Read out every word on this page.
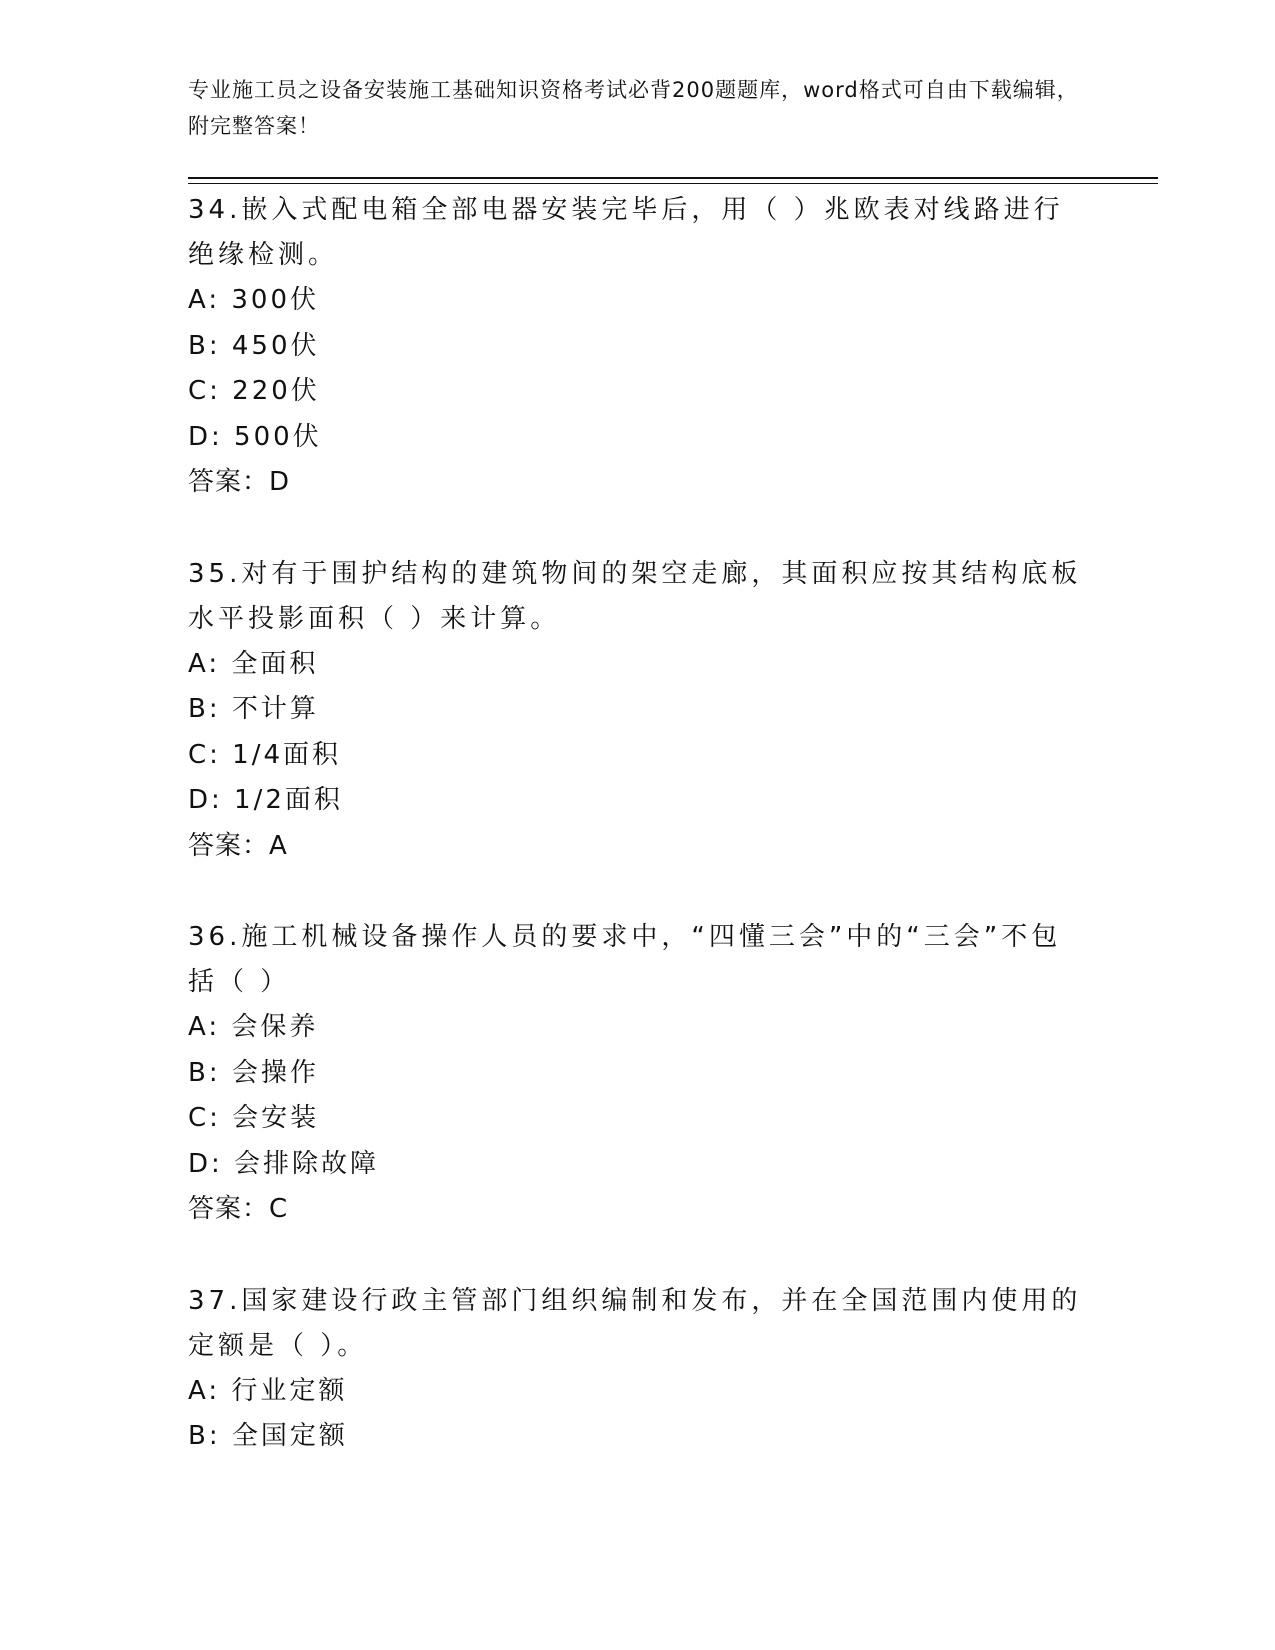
专业施工员之设备安装施工基础知识资格考试必背200题题库，word格式可自由下载编辑，附完整答案！

34.嵌入式配电箱全部电器安装完毕后，用（ ）兆欧表对线路进行绝缘检测。

A: 300伏

B: 450伏

C: 220伏

D: 500伏

答案：D

35.对有于围护结构的建筑物间的架空走廊，其面积应按其结构底板水平投影面积（ ）来计算。

A: 全面积

B: 不计算

C: 1/4面积

D: 1/2面积

答案：A

36.施工机械设备操作人员的要求中，“四懂三会”中的“三会”不包括（ ）

A: 会保养

B: 会操作

C: 会安装

D: 会排除故障

答案：C

37.国家建设行政主管部门组织编制和发布，并在全国范围内使用的定额是（ ）。

A: 行业定额

B: 全国定额
